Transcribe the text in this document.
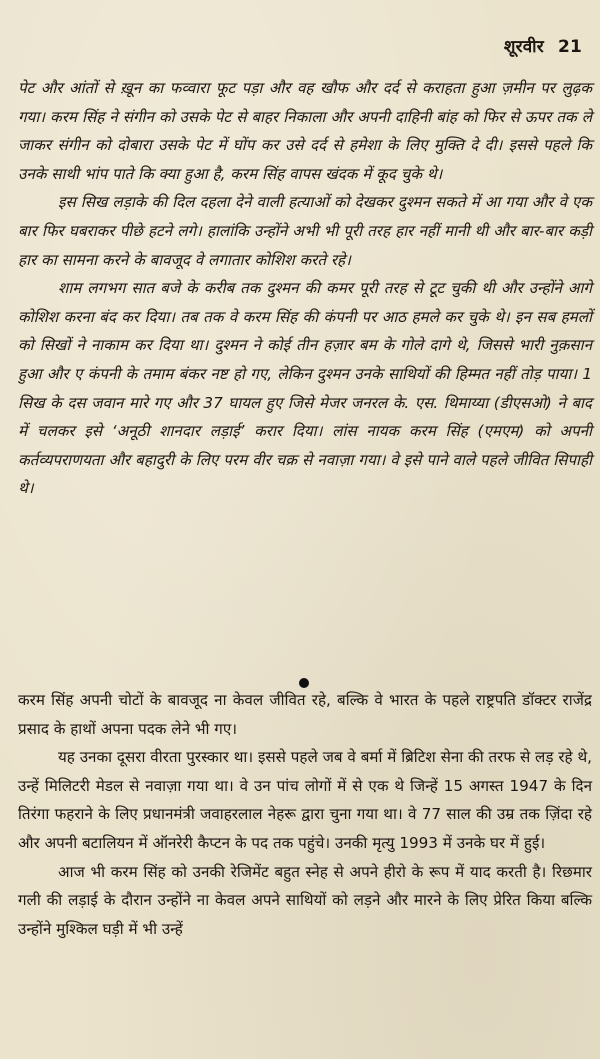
शूरवीर 21

पेट और आंतों से ख़ून का फव्वारा फूट पड़ा और वह खौफ और दर्द से कराहता हुआ ज़मीन पर लुढ़क गया। करम सिंह ने संगीन को उसके पेट से बाहर निकाला और अपनी दाहिनी बांह को फिर से ऊपर तक ले जाकर संगीन को दोबारा उसके पेट में घोंप कर उसे दर्द से हमेशा के लिए मुक्ति दे दी। इससे पहले कि उनके साथी भांप पाते कि क्या हुआ है, करम सिंह वापस खंदक में कूद चुके थे।

इस सिख लड़ाके की दिल दहला देने वाली हत्याओं को देखकर दुश्मन सकते में आ गया और वे एक बार फिर घबराकर पीछे हटने लगे। हालांकि उन्होंने अभी भी पूरी तरह हार नहीं मानी थी और बार-बार कड़ी हार का सामना करने के बावजूद वे लगातार कोशिश करते रहे।

शाम लगभग सात बजे के करीब तक दुश्मन की कमर पूरी तरह से टूट चुकी थी और उन्होंने आगे कोशिश करना बंद कर दिया। तब तक वे करम सिंह की कंपनी पर आठ हमले कर चुके थे। इन सब हमलों को सिखों ने नाकाम कर दिया था। दुश्मन ने कोई तीन हज़ार बम के गोले दागे थे, जिससे भारी नुक़सान हुआ और ए कंपनी के तमाम बंकर नष्ट हो गए, लेकिन दुश्मन उनके साथियों की हिम्मत नहीं तोड़ पाया। 1 सिख के दस जवान मारे गए और 37 घायल हुए जिसे मेजर जनरल के. एस. थिमाय्या (डीएसओ) ने बाद में चलकर इसे ‘अनूठी शानदार लड़ाई’ करार दिया। लांस नायक करम सिंह (एमएम) को अपनी कर्तव्यपराणयता और बहादुरी के लिए परम वीर चक्र से नवाज़ा गया। वे इसे पाने वाले पहले जीवित सिपाही थे।

करम सिंह अपनी चोटों के बावजूद ना केवल जीवित रहे, बल्कि वे भारत के पहले राष्ट्रपति डॉक्टर राजेंद्र प्रसाद के हाथों अपना पदक लेने भी गए।

यह उनका दूसरा वीरता पुरस्कार था। इससे पहले जब वे बर्मा में ब्रिटिश सेना की तरफ से लड़ रहे थे, उन्हें मिलिटरी मेडल से नवाज़ा गया था। वे उन पांच लोगों में से एक थे जिन्हें 15 अगस्त 1947 के दिन तिरंगा फहराने के लिए प्रधानमंत्री जवाहरलाल नेहरू द्वारा चुना गया था। वे 77 साल की उम्र तक ज़िंदा रहे और अपनी बटालियन में ऑनरेरी कैप्टन के पद तक पहुंचे। उनकी मृत्यु 1993 में उनके घर में हुई।

आज भी करम सिंह को उनकी रेजिमेंट बहुत स्नेह से अपने हीरो के रूप में याद करती है। रिछमार गली की लड़ाई के दौरान उन्होंने ना केवल अपने साथियों को लड़ने और मारने के लिए प्रेरित किया बल्कि उन्होंने मुश्किल घड़ी में भी उन्हें
